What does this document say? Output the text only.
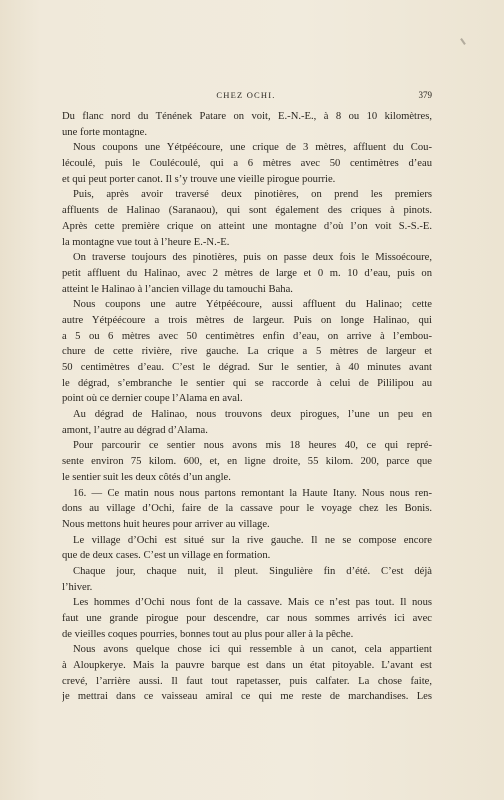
CHEZ OCHI.	379
Du flanc nord du Ténének Patare on voit, E.-N.-E., à 8 ou 10 kilomètres,
une forte montagne.
Nous coupons une Yétpéécoure, une crique de 3 mètres, affluent du Cou-
lécoulé, puis le Coulécoulé, qui a 6 mètres avec 50 centimètres d’eau
et qui peut porter canot. Il s’y trouve une vieille pirogue pourrie.
Puis, après avoir traversé deux pinotières, on prend les premiers
affluents de Halinao (Saranaou), qui sont également des criques à pinots.
Après cette première crique on atteint une montagne d’où l’on voit S.-S.-E.
la montagne vue tout à l’heure E.-N.-E.
On traverse toujours des pinotières, puis on passe deux fois le Missoécoure,
petit affluent du Halinao, avec 2 mètres de large et 0 m. 10 d’eau, puis on
atteint le Halinao à l’ancien village du tamouchi Baha.
Nous coupons une autre Yétpéécoure, aussi affluent du Halinao; cette
autre Yétpéécoure a trois mètres de largeur. Puis on longe Halinao, qui
a 5 ou 6 mètres avec 50 centimètres enfin d’eau, on arrive à l’embou-
chure de cette rivière, rive gauche. La crique a 5 mètres de largeur et
50 centimètres d’eau. C’est le dégrad. Sur le sentier, à 40 minutes avant
le dégrad, s’embranche le sentier qui se raccorde à celui de Pililipou au
point où ce dernier coupe l’Alama en aval.
Au dégrad de Halinao, nous trouvons deux pirogues, l’une un peu en
amont, l’autre au dégrad d’Alama.
Pour parcourir ce sentier nous avons mis 18 heures 40, ce qui repré-
sente environ 75 kilom. 600, et, en ligne droite, 55 kilom. 200, parce que
le sentier suit les deux côtés d’un angle.
16. — Ce matin nous nous partons remontant la Haute Itany. Nous nous ren-
dons au village d’Ochi, faire de la cassave pour le voyage chez les Bonis.
Nous mettons huit heures pour arriver au village.
Le village d’Ochi est situé sur la rive gauche. Il ne se compose encore
que de deux cases. C’est un village en formation.
Chaque jour, chaque nuit, il pleut. Singulière fin d’été. C’est déjà
l’hiver.
Les hommes d’Ochi nous font de la cassave. Mais ce n’est pas tout. Il nous
faut une grande pirogue pour descendre, car nous sommes arrivés ici avec
de vieilles coques pourries, bonnes tout au plus pour aller à la pêche.
Nous avons quelque chose ici qui ressemble à un canot, cela appartient
à Aloupkerye. Mais la pauvre barque est dans un état pitoyable. L’avant est
crevé, l’arrière aussi. Il faut tout rapetasser, puis calfater. La chose faite,
je mettrai dans ce vaisseau amiral ce qui me reste de marchandises. Les
